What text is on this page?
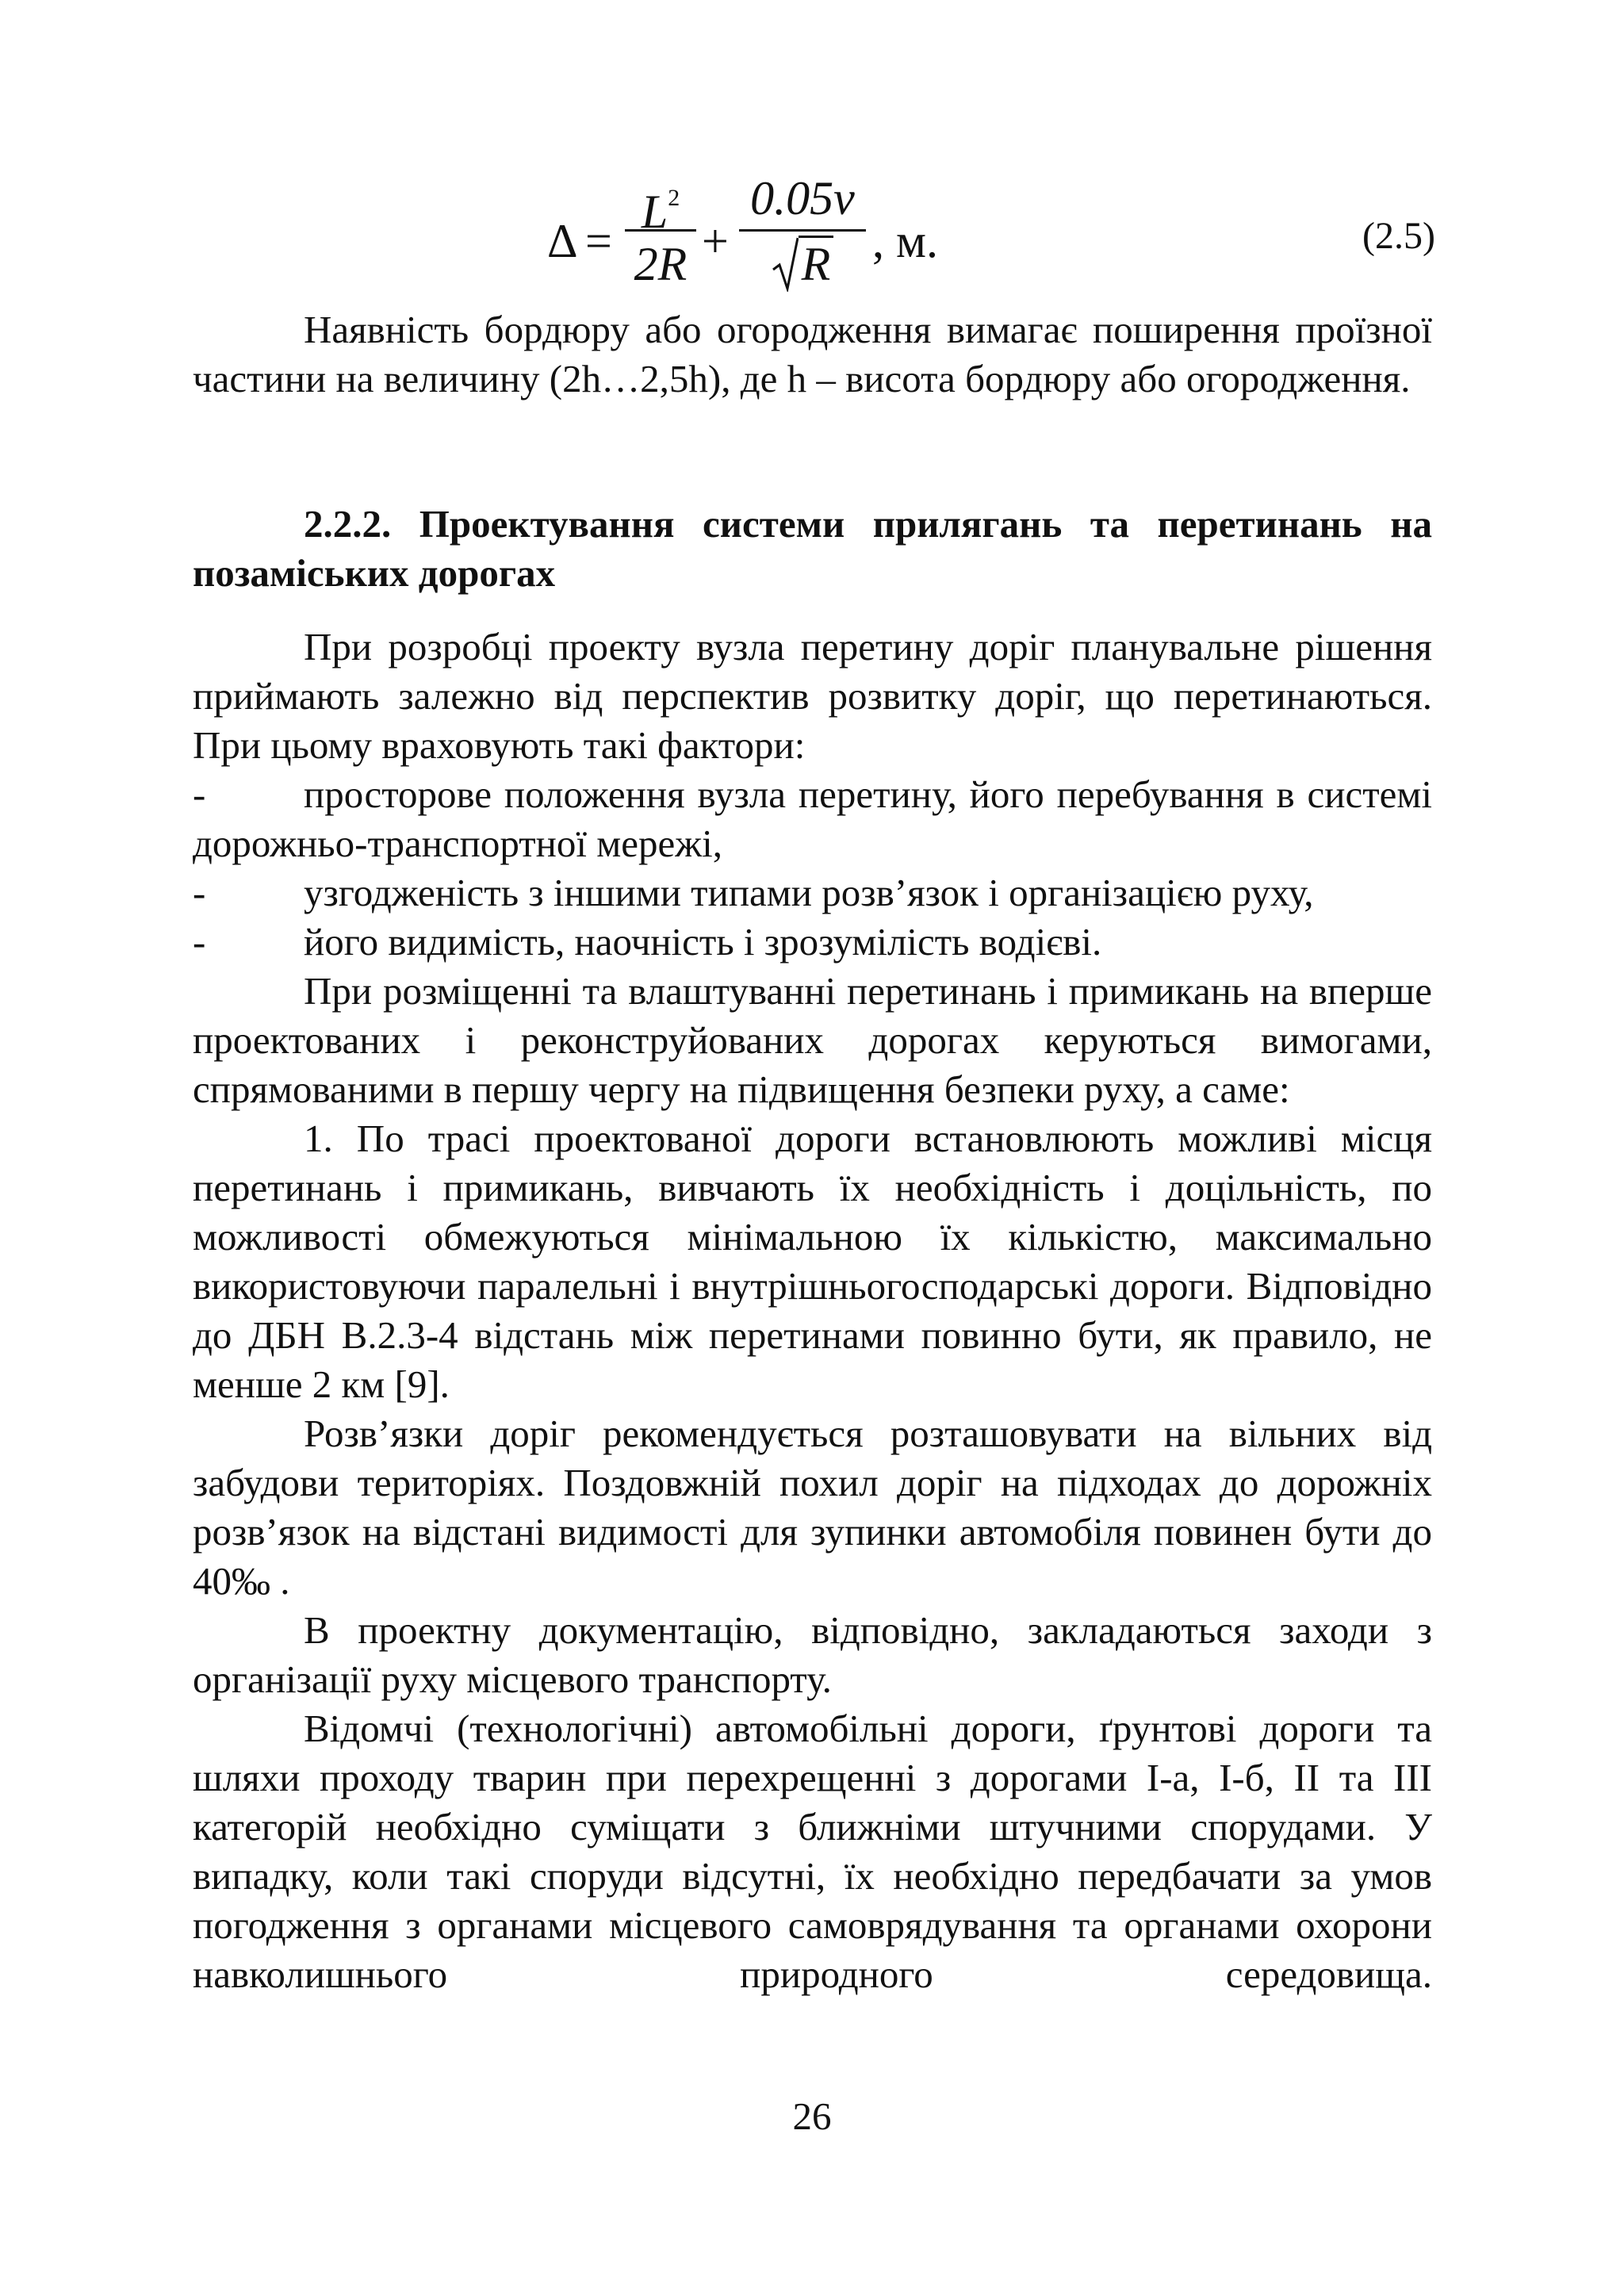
Δ =
$L^2$
2R +
0.05v
R , м.	(2.5)

Наявність бордюру або огородження вимагає поширення проїзної частини на величину (2h…2,5h), де h – висота бордюру або огородження.

2.2.2. Проектування системи прилягань та перетинань на позаміських дорогах

При розробці проекту вузла перетину доріг планувальне рішення приймають залежно від перспектив розвитку доріг, що перетинаються. При цьому враховують такі фактори:

-	просторове положення вузла перетину, його перебування в системі дорожньо-транспортної мережі,

-	узгодженість з іншими типами розв’язок і організацією руху,

-	його видимість, наочність і зрозумілість водієві.

При розміщенні та влаштуванні перетинань і примикань на вперше проектованих і реконструйованих дорогах керуються вимогами, спрямованими в першу чергу на підвищення безпеки руху, а саме:

1. По трасі проектованої дороги встановлюють можливі місця перетинань і примикань, вивчають їх необхідність і доцільність, по можливості обмежуються мінімальною їх кількістю, максимально використовуючи паралельні і внутрішньогосподарські дороги. Відповідно до ДБН В.2.3-4 відстань між перетинами повинно бути, як правило, не менше 2 км [9].

Розв’язки доріг рекомендується розташовувати на вільних від забудови територіях. Поздовжній похил доріг на підходах до дорожніх розв’язок на відстані видимості для зупинки автомобіля повинен бути до 40‰ .

В проектну документацію, відповідно, закладаються заходи з організації руху місцевого транспорту.

Відомчі (технологічні) автомобільні дороги, ґрунтові дороги та шляхи проходу тварин при перехрещенні з дорогами І-а, І-б, ІІ та ІІІ категорій необхідно суміщати з ближніми штучними спорудами. У випадку, коли такі споруди відсутні, їх необхідно передбачати за умов погодження з органами місцевого самоврядування та органами охорони навколишнього природного середовища.

26
